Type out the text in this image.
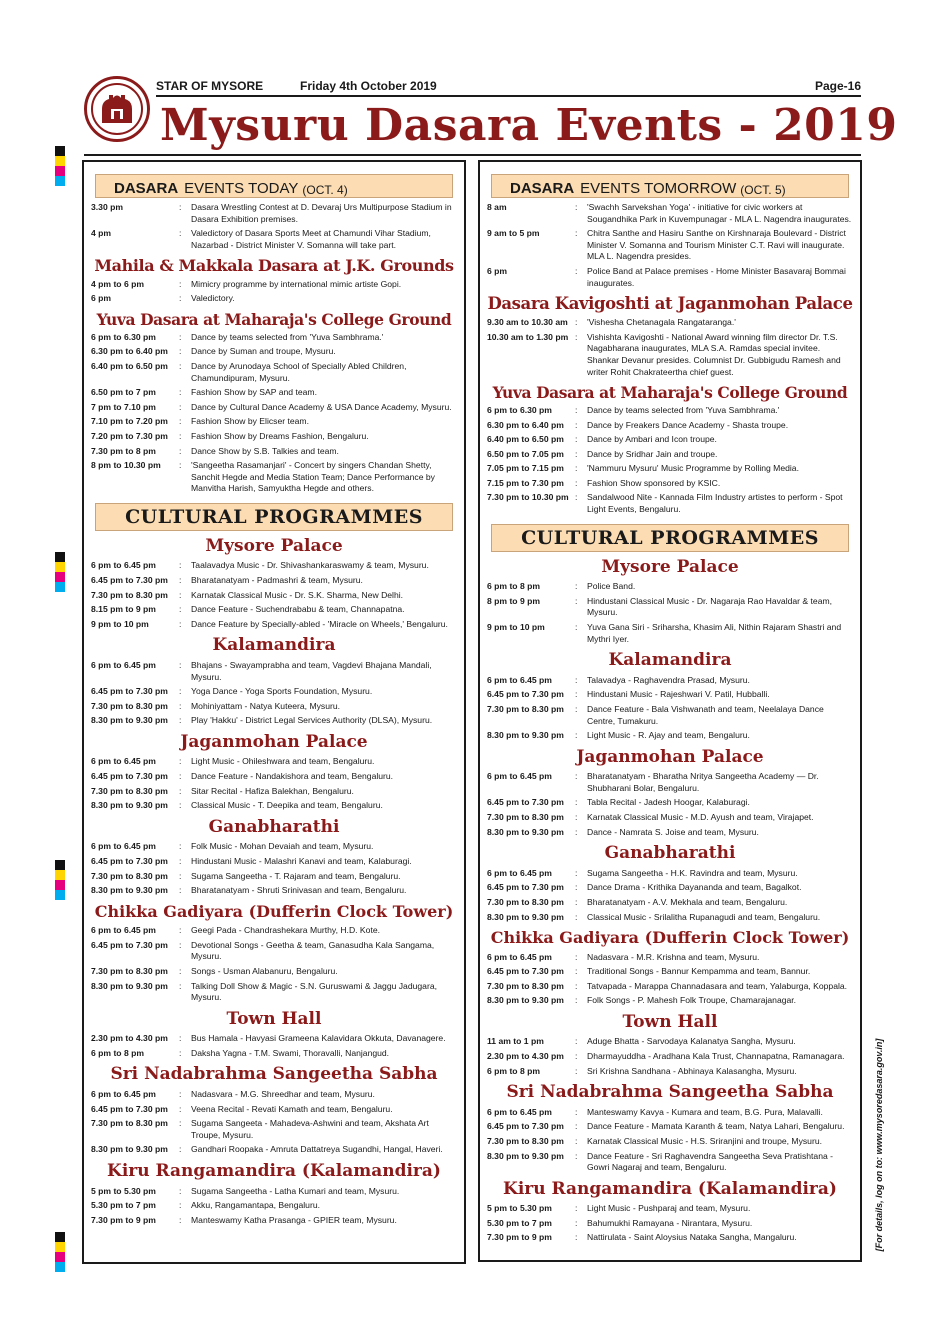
STAR OF MYSORE	Friday 4th October 2019	Page-16
Mysuru Dasara Events - 2019
DASARA EVENTS TODAY (OCT. 4)
3.30 pm	:	Dasara Wrestling Contest at D. Devaraj Urs Multipurpose Stadium in Dasara Exhibition premises.
4 pm	:	Valedictory of Dasara Sports Meet at Chamundi Vihar Stadium, Nazarbad - District Minister V. Somanna will take part.
Mahila & Makkala Dasara at J.K. Grounds
4 pm to 6 pm	:	Mimicry programme by international mimic artiste Gopi.
6 pm	:	Valedictory.
Yuva Dasara at Maharaja's College Ground
6 pm to 6.30 pm	:	Dance by teams selected from 'Yuva Sambhrama.'
6.30 pm to 6.40 pm	:	Dance by Suman and troupe, Mysuru.
6.40 pm to 6.50 pm	:	Dance by Arunodaya School of Specially Abled Children, Chamundipuram, Mysuru.
6.50 pm to 7 pm	:	Fashion Show by SAP and team.
7 pm to 7.10 pm	:	Dance by Cultural Dance Academy & USA Dance Academy, Mysuru.
7.10 pm to 7.20 pm	:	Fashion Show by Elicser team.
7.20 pm to 7.30 pm	:	Fashion Show by Dreams Fashion, Bengaluru.
7.30 pm to 8 pm	:	Dance Show by S.B. Talkies and team.
8 pm to 10.30 pm	:	'Sangeetha Rasamanjari' - Concert by singers Chandan Shetty, Sanchit Hegde and Media Station Team; Dance Performance by Manvitha Harish, Samyuktha Hegde and others.
CULTURAL PROGRAMMES
Mysore Palace
6 pm to 6.45 pm	:	Taalavadya Music - Dr. Shivashankaraswamy & team, Mysuru.
6.45 pm to 7.30 pm	:	Bharatanatyam - Padmashri & team, Mysuru.
7.30 pm to 8.30 pm	:	Karnatak Classical Music - Dr. S.K. Sharma, New Delhi.
8.15 pm to 9 pm	:	Dance Feature - Suchendrababu & team, Channapatna.
9 pm to 10 pm	:	Dance Feature by Specially-abled - 'Miracle on Wheels,' Bengaluru.
Kalamandira
6 pm to 6.45 pm	:	Bhajans - Swayamprabha and team, Vagdevi Bhajana Mandali, Mysuru.
6.45 pm to 7.30 pm	:	Yoga Dance - Yoga Sports Foundation, Mysuru.
7.30 pm to 8.30 pm	:	Mohiniyattam - Natya Kuteera, Mysuru.
8.30 pm to 9.30 pm	:	Play 'Hakku' - District Legal Services Authority (DLSA), Mysuru.
Jaganmohan Palace
6 pm to 6.45 pm	:	Light Music - Ohileshwara and team, Bengaluru.
6.45 pm to 7.30 pm	:	Dance Feature - Nandakishora and team, Bengaluru.
7.30 pm to 8.30 pm	:	Sitar Recital - Hafiza Balekhan, Bengaluru.
8.30 pm to 9.30 pm	:	Classical Music - T. Deepika and team, Bengaluru.
Ganabharathi
6 pm to 6.45 pm	:	Folk Music - Mohan Devaiah and team, Mysuru.
6.45 pm to 7.30 pm	:	Hindustani Music - Malashri Kanavi and team, Kalaburagi.
7.30 pm to 8.30 pm	:	Sugama Sangeetha - T. Rajaram and team, Bengaluru.
8.30 pm to 9.30 pm	:	Bharatanatyam - Shruti Srinivasan and team, Bengaluru.
Chikka Gadiyara (Dufferin Clock Tower)
6 pm to 6.45 pm	:	Geegi Pada - Chandrashekara Murthy, H.D. Kote.
6.45 pm to 7.30 pm	:	Devotional Songs - Geetha & team, Ganasudha Kala Sangama, Mysuru.
7.30 pm to 8.30 pm	:	Songs - Usman Alabanuru, Bengaluru.
8.30 pm to 9.30 pm	:	Talking Doll Show & Magic - S.N. Guruswami & Jaggu Jadugara, Mysuru.
Town Hall
2.30 pm to 4.30 pm	:	Bus Hamala - Havyasi Grameena Kalavidara Okkuta, Davanagere.
6 pm to 8 pm	:	Daksha Yagna - T.M. Swami, Thoravalli, Nanjangud.
Sri Nadabrahma Sangeetha Sabha
6 pm to 6.45 pm	:	Nadasvara - M.G. Shreedhar and team, Mysuru.
6.45 pm to 7.30 pm	:	Veena Recital - Revati Kamath and team, Bengaluru.
7.30 pm to 8.30 pm	:	Sugama Sangeeta - Mahadeva-Ashwini and team, Akshata Art Troupe, Mysuru.
8.30 pm to 9.30 pm	:	Gandhari Roopaka - Amruta Dattatreya Sugandhi, Hangal, Haveri.
Kiru Rangamandira (Kalamandira)
5 pm to 5.30 pm	:	Sugama Sangeetha - Latha Kumari and team, Mysuru.
5.30 pm to 7 pm	:	Akku, Rangamantapa, Bengaluru.
7.30 pm to 9 pm	:	Manteswamy Katha Prasanga - GPIER team, Mysuru.
DASARA EVENTS TOMORROW (OCT. 5)
8 am	:	'Swachh Sarvekshan Yoga' - initiative for civic workers at Sougandhika Park in Kuvempunagar - MLA L. Nagendra inaugurates.
9 am to 5 pm	:	Chitra Santhe and Hasiru Santhe on Kirshnaraja Boulevard - District Minister V. Somanna and Tourism Minister C.T. Ravi will inaugurate. MLA L. Nagendra presides.
6 pm	:	Police Band at Palace premises - Home Minister Basavaraj Bommai inaugurates.
Dasara Kavigoshti at Jaganmohan Palace
9.30 am to 10.30 am :	'Vishesha Chetanagala Rangataranga.'
10.30 am to 1.30 pm :	Vishishta Kavigoshti - National Award winning film director Dr. T.S. Nagabharana inaugurates, MLA S.A. Ramdas special invitee. Shankar Devanur presides. Columnist Dr. Gubbigudu Ramesh and writer Rohit Chakrateertha chief guest.
Yuva Dasara at Maharaja's College Ground
6 pm to 6.30 pm	:	Dance by teams selected from 'Yuva Sambhrama.'
6.30 pm to 6.40 pm	:	Dance by Freakers Dance Academy - Shasta troupe.
6.40 pm to 6.50 pm	:	Dance by Ambari and Icon troupe.
6.50 pm to 7.05 pm	:	Dance by Sridhar Jain and troupe.
7.05 pm to 7.15 pm	:	'Nammuru Mysuru' Music Programme by Rolling Media.
7.15 pm to 7.30 pm	:	Fashion Show sponsored by KSIC.
7.30 pm to 10.30 pm :	Sandalwood Nite - Kannada Film Industry artistes to perform - Spot Light Events, Bengaluru.
CULTURAL PROGRAMMES
Mysore Palace
6 pm to 8 pm	:	Police Band.
8 pm to 9 pm	:	Hindustani Classical Music - Dr. Nagaraja Rao Havaldar & team, Mysuru.
9 pm to 10 pm	:	Yuva Gana Siri - Sriharsha, Khasim Ali, Nithin Rajaram Shastri and Mythri Iyer.
Kalamandira
6 pm to 6.45 pm	:	Talavadya - Raghavendra Prasad, Mysuru.
6.45 pm to 7.30 pm	:	Hindustani Music - Rajeshwari V. Patil, Hubballi.
7.30 pm to 8.30 pm	:	Dance Feature - Bala Vishwanath and team, Neelalaya Dance Centre, Tumakuru.
8.30 pm to 9.30 pm	:	Light Music - R. Ajay and team, Bengaluru.
Jaganmohan Palace
6 pm to 6.45 pm	:	Bharatanatyam - Bharatha Nritya Sangeetha Academy — Dr. Shubharani Bolar, Bengaluru.
6.45 pm to 7.30 pm	:	Tabla Recital - Jadesh Hoogar, Kalaburagi.
7.30 pm to 8.30 pm	:	Karnatak Classical Music - M.D. Ayush and team, Virajapet.
8.30 pm to 9.30 pm	:	Dance - Namrata S. Joise and team, Mysuru.
Ganabharathi
6 pm to 6.45 pm	:	Sugama Sangeetha - H.K. Ravindra and team, Mysuru.
6.45 pm to 7.30 pm	:	Dance Drama - Krithika Dayananda and team, Bagalkot.
7.30 pm to 8.30 pm	:	Bharatanatyam - A.V. Mekhala and team, Bengaluru.
8.30 pm to 9.30 pm	:	Classical Music - Srilalitha Rupanagudi and team, Bengaluru.
Chikka Gadiyara (Dufferin Clock Tower)
6 pm to 6.45 pm	:	Nadasvara - M.R. Krishna and team, Mysuru.
6.45 pm to 7.30 pm	:	Traditional Songs - Bannur Kempamma and team, Bannur.
7.30 pm to 8.30 pm	:	Tatvapada - Marappa Channadasara and team, Yalaburga, Koppala.
8.30 pm to 9.30 pm	:	Folk Songs - P. Mahesh Folk Troupe, Chamarajanagar.
Town Hall
11 am to 1 pm	:	Aduge Bhatta - Sarvodaya Kalanatya Sangha, Mysuru.
2.30 pm to 4.30 pm	:	Dharmayuddha - Aradhana Kala Trust, Channapatna, Ramanagara.
6 pm to 8 pm	:	Sri Krishna Sandhana - Abhinaya Kalasangha, Mysuru.
Sri Nadabrahma Sangeetha Sabha
6 pm to 6.45 pm	:	Manteswamy Kavya - Kumara and team, B.G. Pura, Malavalli.
6.45 pm to 7.30 pm	:	Dance Feature - Mamata Karanth & team, Natya Lahari, Bengaluru.
7.30 pm to 8.30 pm	:	Karnatak Classical Music - H.S. Sriranjini and troupe, Mysuru.
8.30 pm to 9.30 pm	:	Dance Feature - Sri Raghavendra Sangeetha Seva Pratishtana - Gowri Nagaraj and team, Bengaluru.
Kiru Rangamandira (Kalamandira)
5 pm to 5.30 pm	:	Light Music - Pushparaj and team, Mysuru.
5.30 pm to 7 pm	:	Bahumukhi Ramayana - Nirantara, Mysuru.
7.30 pm to 9 pm	:	Nattirulata - Saint Aloysius Nataka Sangha, Mangaluru.	[For details, log on to: www.mysoredasara.gov.in]
